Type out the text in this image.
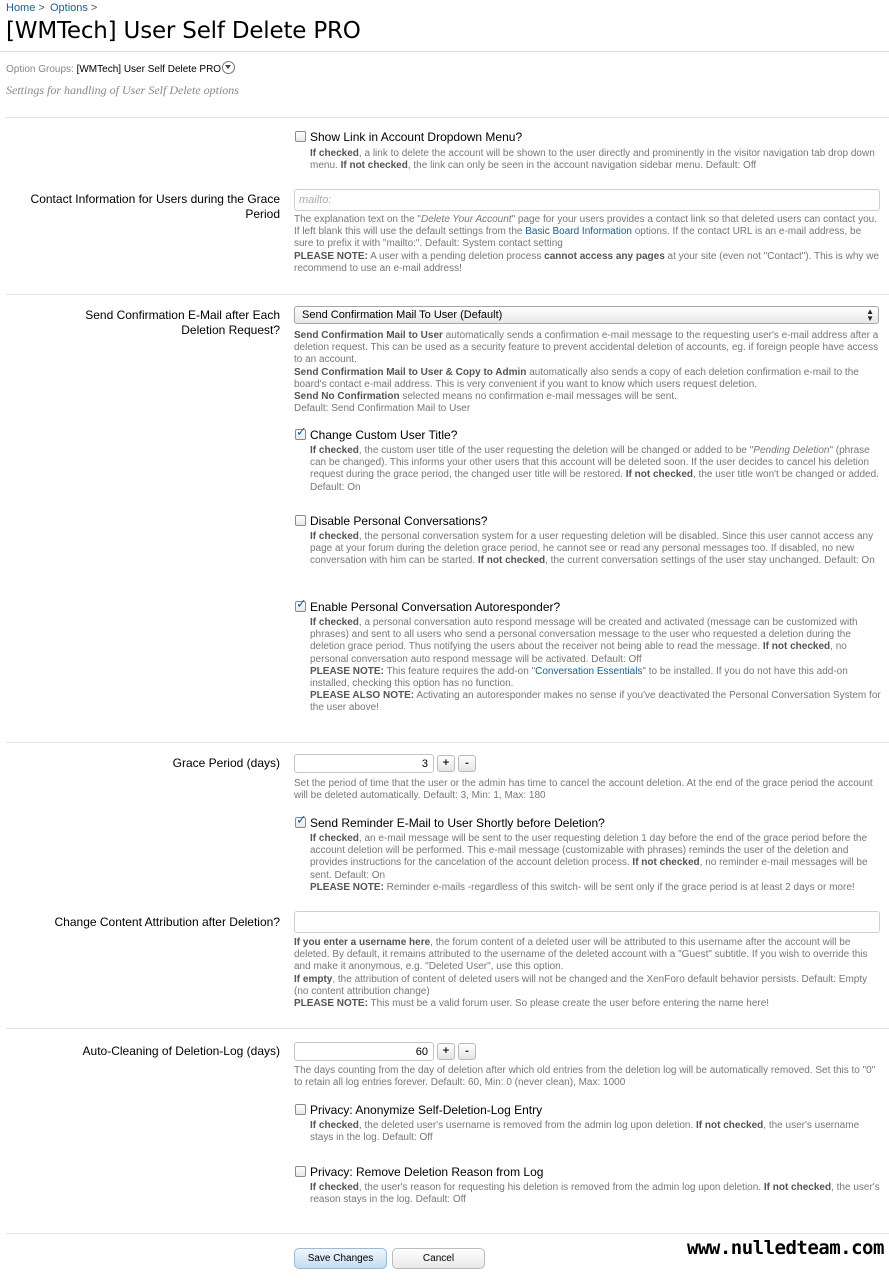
Home > Options >
[WMTech] User Self Delete PRO
Option Groups: [WMTech] User Self Delete PRO
Settings for handling of User Self Delete options
Show Link in Account Dropdown Menu?
If checked, a link to delete the account will be shown to the user directly and prominently in the visitor navigation tab drop down menu. If not checked, the link can only be seen in the account navigation sidebar menu. Default: Off
Contact Information for Users during the Grace Period
mailto:
The explanation text on the "Delete Your Account" page for your users provides a contact link so that deleted users can contact you. If left blank this will use the default settings from the Basic Board Information options. If the contact URL is an e-mail address, be sure to prefix it with "mailto:". Default: System contact setting
PLEASE NOTE: A user with a pending deletion process cannot access any pages at your site (even not "Contact"). This is why we recommend to use an e-mail address!
Send Confirmation E-Mail after Each Deletion Request?
Send Confirmation Mail To User (Default)	▲
▼
Send Confirmation Mail to User automatically sends a confirmation e-mail message to the requesting user's e-mail address after a deletion request. This can be used as a security feature to prevent accidental deletion of accounts, eg. if foreign people have access to an account.
Send Confirmation Mail to User & Copy to Admin automatically also sends a copy of each deletion confirmation e-mail to the board's contact e-mail address. This is very convenient if you want to know which users request deletion.
Send No Confirmation selected means no confirmation e-mail messages will be sent.
Default: Send Confirmation Mail to User
✓
Change Custom User Title?
If checked, the custom user title of the user requesting the deletion will be changed or added to be "Pending Deletion" (phrase can be changed). This informs your other users that this account will be deleted soon. If the user decides to cancel his deletion request during the grace period, the changed user title will be restored. If not checked, the user title won't be changed or added. Default: On
Disable Personal Conversations?
If checked, the personal conversation system for a user requesting deletion will be disabled. Since this user cannot access any page at your forum during the deletion grace period, he cannot see or read any personal messages too. If disabled, no new conversation with him can be started. If not checked, the current conversation settings of the user stay unchanged. Default: On
✓
Enable Personal Conversation Autoresponder?
If checked, a personal conversation auto respond message will be created and activated (message can be customized with phrases) and sent to all users who send a personal conversation message to the user who requested a deletion during the deletion grace period. Thus notifying the users about the receiver not being able to read the message. If not checked, no personal conversation auto respond message will be activated. Default: Off
PLEASE NOTE: This feature requires the add-on "Conversation Essentials" to be installed. If you do not have this add-on installed, checking this option has no function.
PLEASE ALSO NOTE: Activating an autoresponder makes no sense if you've deactivated the Personal Conversation System for the user above!
Grace Period (days)	3	+	-
Set the period of time that the user or the admin has time to cancel the account deletion. At the end of the grace period the account will be deleted automatically. Default: 3, Min: 1, Max: 180
✓
Send Reminder E-Mail to User Shortly before Deletion?
If checked, an e-mail message will be sent to the user requesting deletion 1 day before the end of the grace period before the account deletion will be performed. This e-mail message (customizable with phrases) reminds the user of the deletion and provides instructions for the cancelation of the account deletion process. If not checked, no reminder e-mail messages will be sent. Default: On
PLEASE NOTE: Reminder e-mails -regardless of this switch- will be sent only if the grace period is at least 2 days or more!
Change Content Attribution after Deletion?
If you enter a username here, the forum content of a deleted user will be attributed to this username after the account will be deleted. By default, it remains attributed to the username of the deleted account with a "Guest" subtitle. If you wish to override this and make it anonymous, e.g. "Deleted User", use this option.
If empty, the attribution of content of deleted users will not be changed and the XenForo default behavior persists. Default: Empty (no content attribution change)
PLEASE NOTE: This must be a valid forum user. So please create the user before entering the name here!
Auto-Cleaning of Deletion-Log (days)	60	+	-
The days counting from the day of deletion after which old entries from the deletion log will be automatically removed. Set this to "0" to retain all log entries forever. Default: 60, Min: 0 (never clean), Max: 1000
Privacy: Anonymize Self-Deletion-Log Entry
If checked, the deleted user's username is removed from the admin log upon deletion. If not checked, the user's username stays in the log. Default: Off
Privacy: Remove Deletion Reason from Log
If checked, the user's reason for requesting his deletion is removed from the admin log upon deletion. If not checked, the user's reason stays in the log. Default: Off
Save Changes	Cancel	www.nulledteam.com
